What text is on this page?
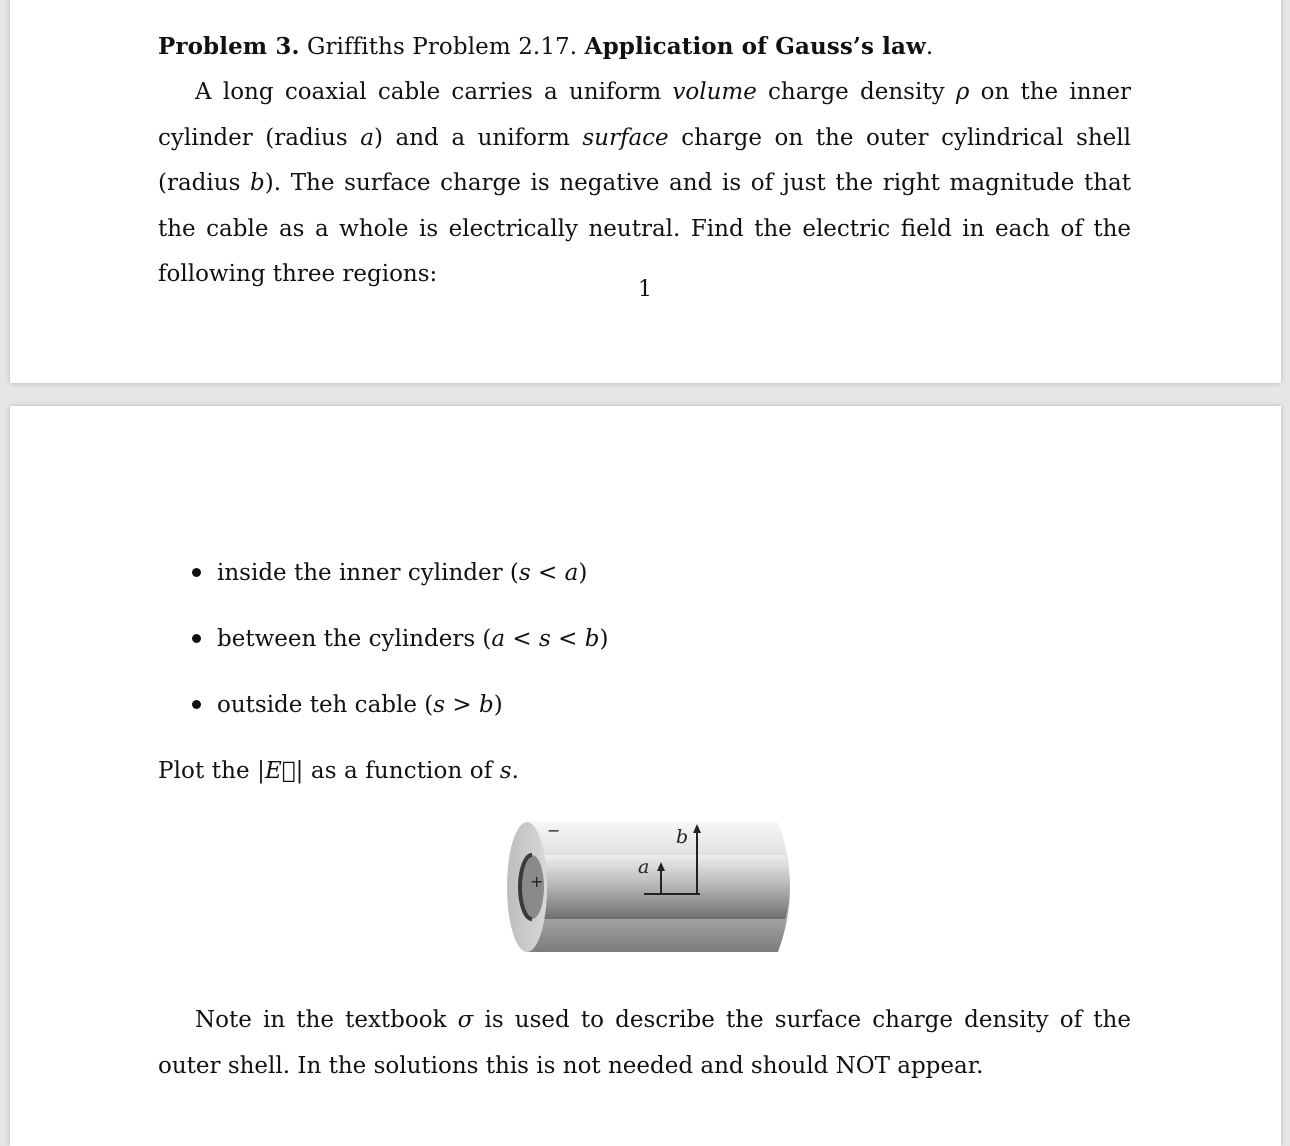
Problem 3. Griffiths Problem 2.17. Application of Gauss’s law.
A long coaxial cable carries a uniform volume charge density ρ on the inner cylinder (radius a) and a uniform surface charge on the outer cylindrical shell (radius b). The surface charge is negative and is of just the right magnitude that the cable as a whole is electrically neutral. Find the electric field in each of the following three regions:
1
inside the inner cylinder (s < a)
between the cylinders (a < s < b)
outside teh cable (s > b)
Plot the |E⃗| as a function of s.
−
+
a
b
Note in the textbook σ is used to describe the surface charge density of the outer shell. In the solutions this is not needed and should NOT appear.
